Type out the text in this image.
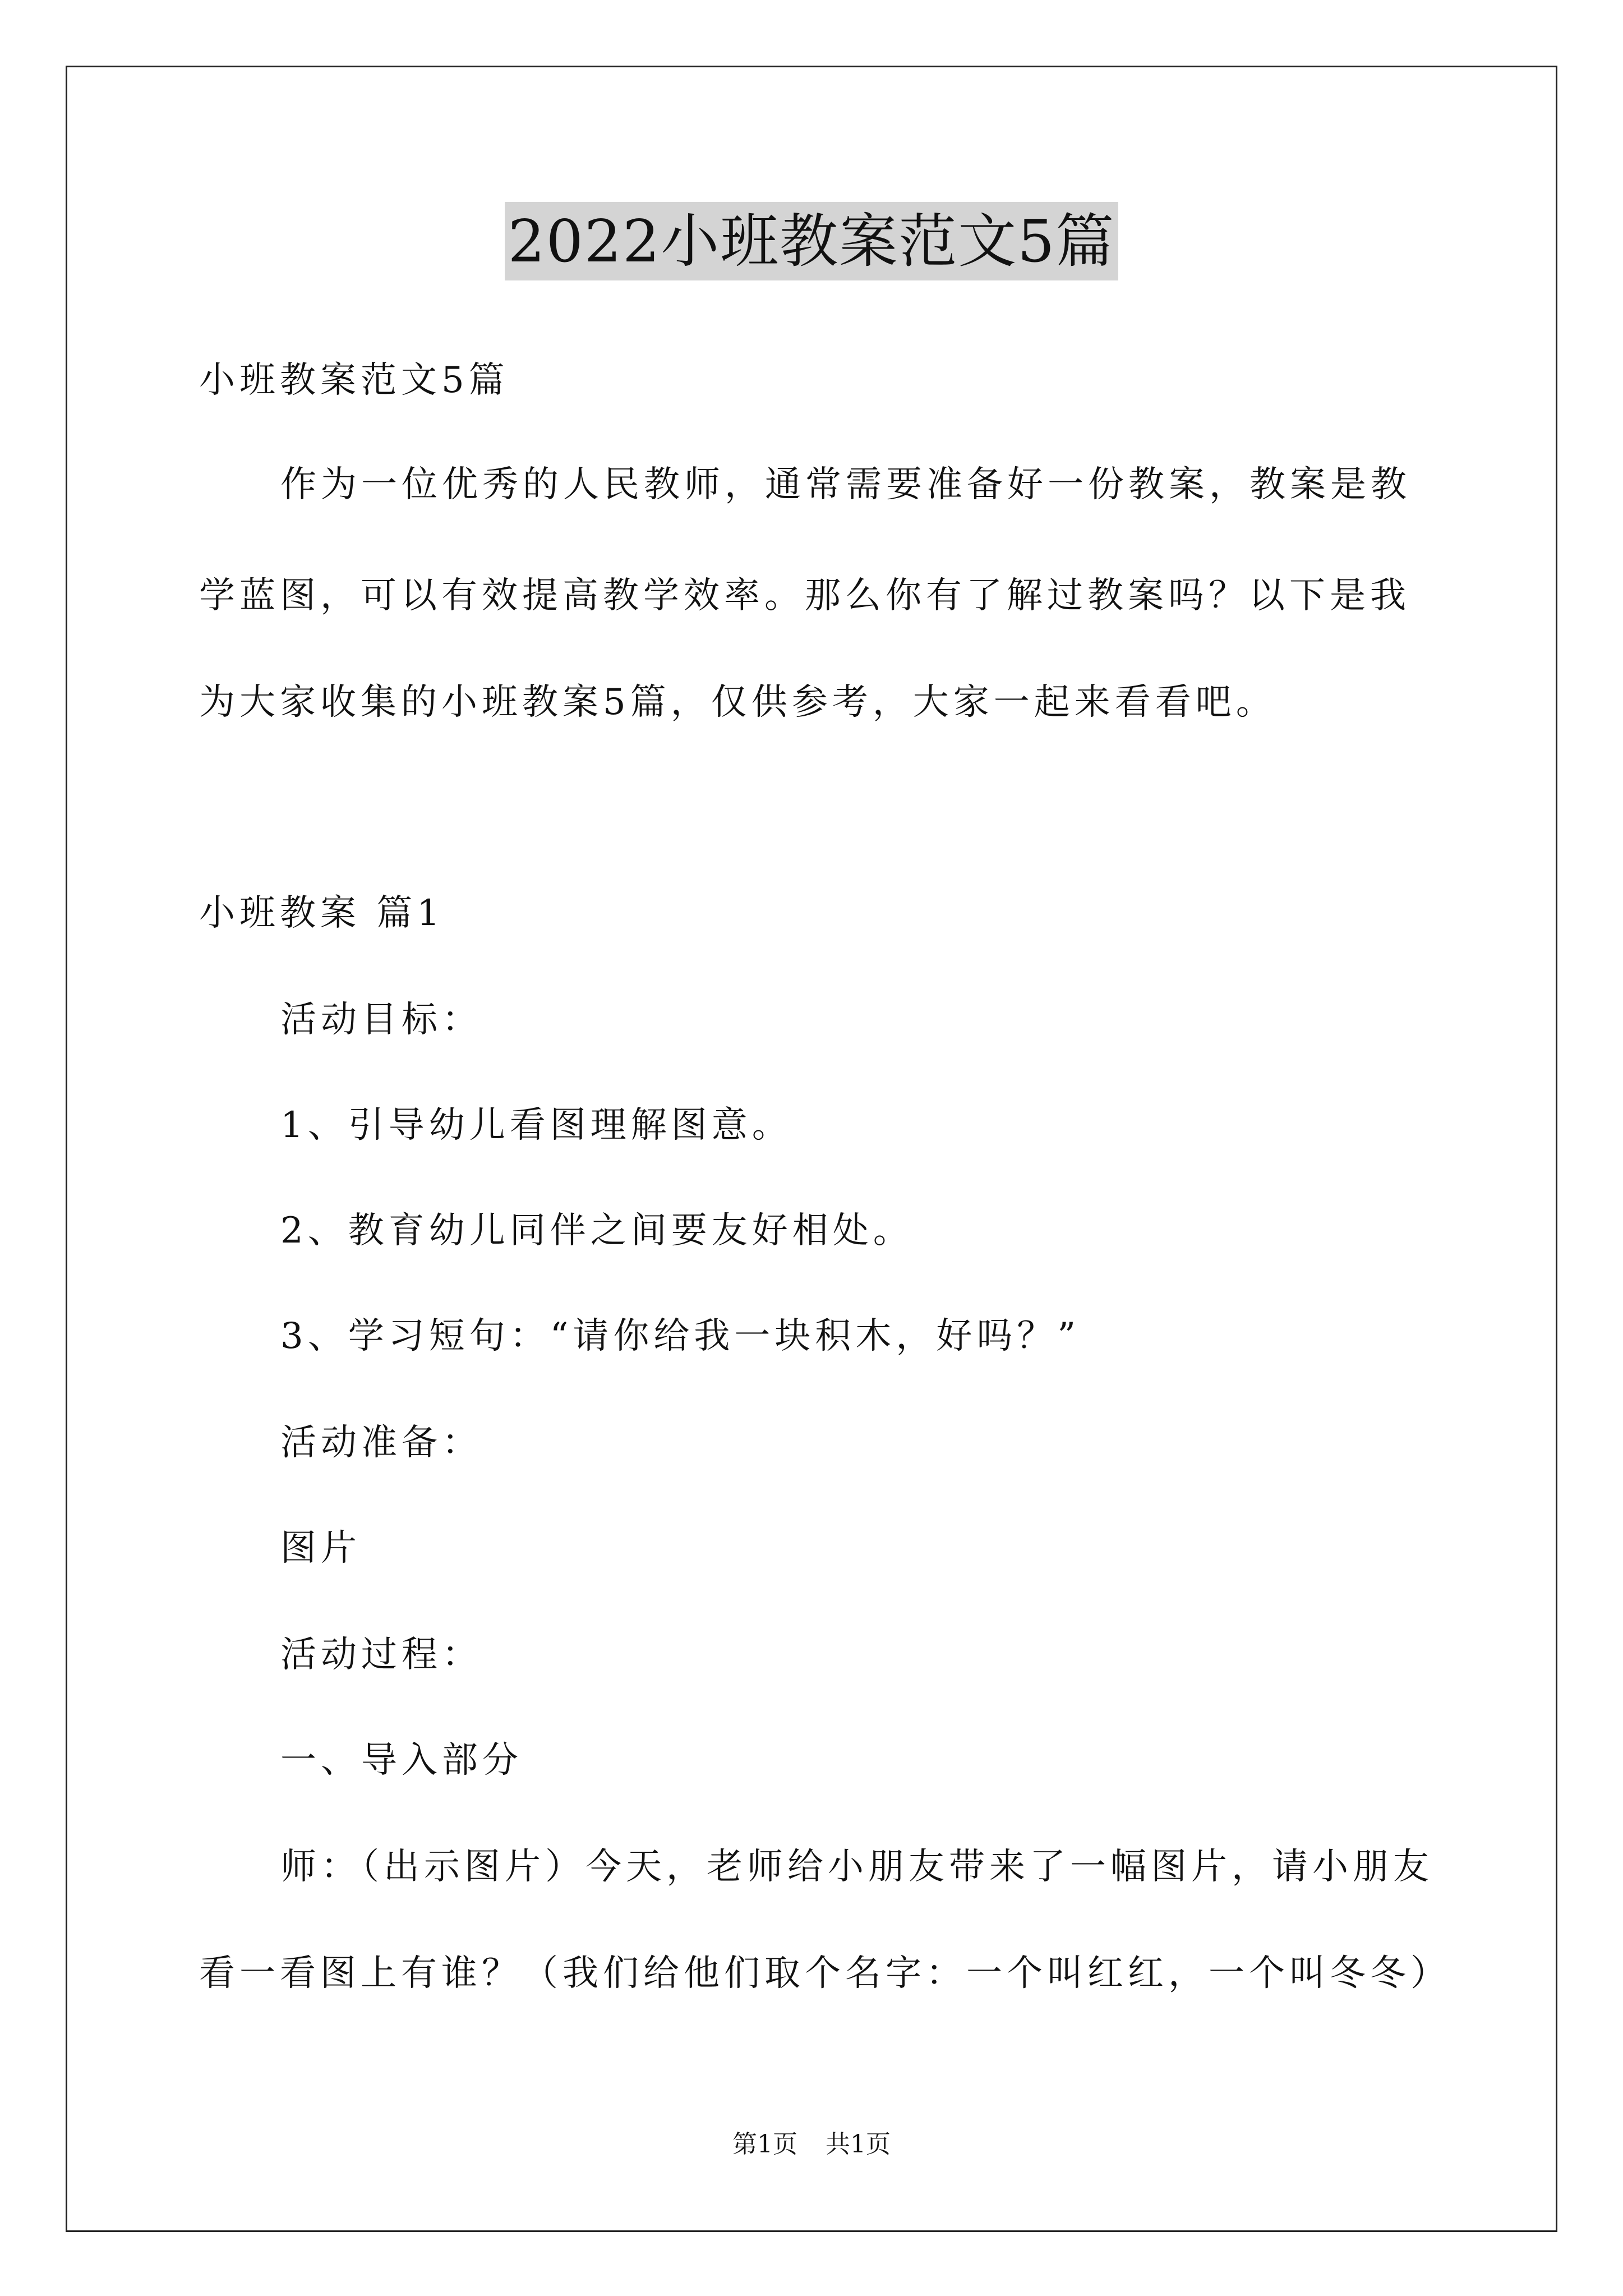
2022小班教案范文5篇
小班教案范文5篇
作为一位优秀的人民教师，通常需要准备好一份教案，教案是教
学蓝图，可以有效提高教学效率。那么你有了解过教案吗？以下是我
为大家收集的小班教案5篇，仅供参考，大家一起来看看吧。
小班教案 篇1
活动目标：
1、引导幼儿看图理解图意。
2、教育幼儿同伴之间要友好相处。
3、学习短句：“请你给我一块积木，好吗？”
活动准备：
图片
活动过程：
一、导入部分
师：（出示图片）今天，老师给小朋友带来了一幅图片，请小朋友
看一看图上有谁？（我们给他们取个名字：一个叫红红，一个叫冬冬）
第1页 共1页
